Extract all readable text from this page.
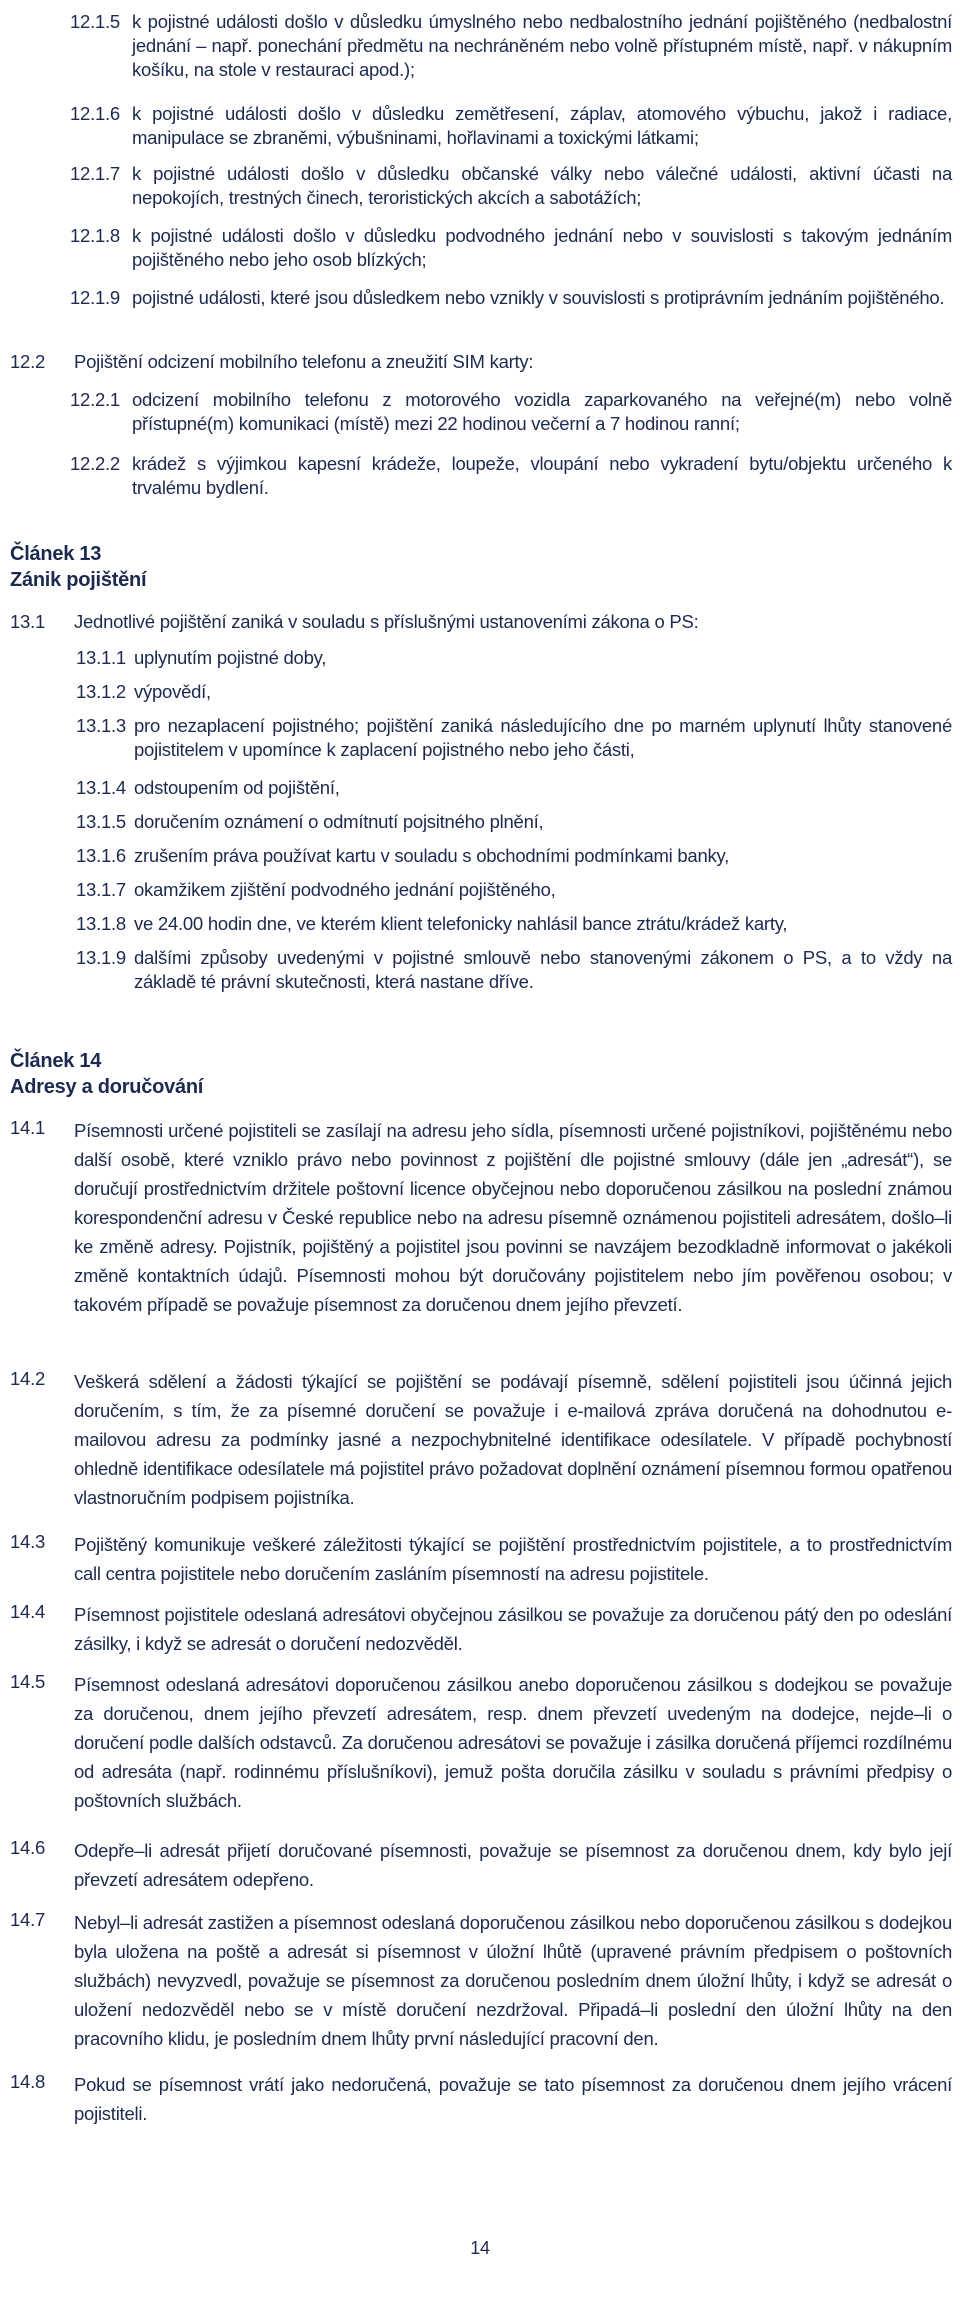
12.1.5 k pojistné události došlo v důsledku úmyslného nebo nedbalostního jednání pojištěného (nedbalostní jednání – např. ponechání předmětu na nechráněném nebo volně přístupném místě, např. v nákupním košíku, na stole v restauraci apod.);
12.1.6 k pojistné události došlo v důsledku zemětřesení, záplav, atomového výbuchu, jakož i radiace, manipulace se zbraněmi, výbušninami, hořlavinami a toxickými látkami;
12.1.7 k pojistné události došlo v důsledku občanské války nebo válečné události, aktivní účasti na nepokojích, trestných činech, teroristických akcích a sabotážích;
12.1.8 k pojistné události došlo v důsledku podvodného jednání nebo v souvislosti s takovým jednáním pojištěného nebo jeho osob blízkých;
12.1.9 pojistné události, které jsou důsledkem nebo vznikly v souvislosti s protiprávním jednáním pojištěného.
12.2	Pojištění odcizení mobilního telefonu a zneužití SIM karty:
12.2.1 odcizení mobilního telefonu z motorového vozidla zaparkovaného na veřejné(m) nebo volně přístupné(m) komunikaci (místě) mezi 22 hodinou večerní a 7 hodinou ranní;
12.2.2 krádež s výjimkou kapesní krádeže, loupeže, vloupání nebo vykradení bytu/objektu určeného k trvalému bydlení.
Článek 13
Zánik pojištění
13.1	Jednotlivé pojištění zaniká v souladu s příslušnými ustanoveními zákona o PS:
13.1.1 uplynutím pojistné doby,
13.1.2 výpovědí,
13.1.3 pro nezaplacení pojistného; pojištění zaniká následujícího dne po marném uplynutí lhůty stanovené pojistitelem v upomínce k zaplacení pojistného nebo jeho části,
13.1.4 odstoupením od pojištění,
13.1.5 doručením oznámení o odmítnutí pojsitného plnění,
13.1.6 zrušením práva používat kartu v souladu s obchodními podmínkami banky,
13.1.7 okamžikem zjištění podvodného jednání pojištěného,
13.1.8 ve 24.00 hodin dne, ve kterém klient telefonicky nahlásil bance ztrátu/krádež karty,
13.1.9 dalšími způsoby uvedenými v pojistné smlouvě nebo stanovenými zákonem o PS, a to vždy na základě té právní skutečnosti, která nastane dříve.
Článek 14
Adresy a doručování
14.1	Písemnosti určené pojistiteli se zasílají na adresu jeho sídla, písemnosti určené pojistníkovi, pojištěnému nebo další osobě, které vzniklo právo nebo povinnost z pojištění dle pojistné smlouvy (dále jen „adresát“), se doručují prostřednictvím držitele poštovní licence obyčejnou nebo doporučenou zásilkou na poslední známou korespondenční adresu v České republice nebo na adresu písemně oznámenou pojistiteli adresátem, došlo–li ke změně adresy. Pojistník, pojištěný a pojistitel jsou povinni se navzájem bezodkladně informovat o jakékoli změně kontaktních údajů. Písemnosti mohou být doručovány pojistitelem nebo jím pověřenou osobou; v takovém případě se považuje písemnost za doručenou dnem jejího převzetí.
14.2	Veškerá sdělení a žádosti týkající se pojištění se podávají písemně, sdělení pojistiteli jsou účinná jejich doručením, s tím, že za písemné doručení se považuje i e-mailová zpráva doručená na dohodnutou e-mailovou adresu za podmínky jasné a nezpochybnitelné identifikace odesílatele. V případě pochybností ohledně identifikace odesílatele má pojistitel právo požadovat doplnění oznámení písemnou formou opatřenou vlastnoručním podpisem pojistníka.
14.3	Pojištěný komunikuje veškeré záležitosti týkající se pojištění prostřednictvím pojistitele, a to prostřednictvím call centra pojistitele nebo doručením zasláním písemností na adresu pojistitele.
14.4	Písemnost pojistitele odeslaná adresátovi obyčejnou zásilkou se považuje za doručenou pátý den po odeslání zásilky, i když se adresát o doručení nedozvěděl.
14.5	Písemnost odeslaná adresátovi doporučenou zásilkou anebo doporučenou zásilkou s dodejkou se považuje za doručenou, dnem jejího převzetí adresátem, resp. dnem převzetí uvedeným na dodejce, nejde–li o doručení podle dalších odstavců. Za doručenou adresátovi se považuje i zásilka doručená příjemci rozdílnému od adresáta (např. rodinnému příslušníkovi), jemuž pošta doručila zásilku v souladu s právními předpisy o poštovních službách.
14.6	Odepře–li adresát přijetí doručované písemnosti, považuje se písemnost za doručenou dnem, kdy bylo její převzetí adresátem odepřeno.
14.7	Nebyl–li adresát zastižen a písemnost odeslaná doporučenou zásilkou nebo doporučenou zásilkou s dodejkou byla uložena na poště a adresát si písemnost v úložní lhůtě (upravené právním předpisem o poštovních službách) nevyzvedl, považuje se písemnost za doručenou posledním dnem úložní lhůty, i když se adresát o uložení nedozvěděl nebo se v místě doručení nezdržoval. Připadá–li poslední den úložní lhůty na den pracovního klidu, je posledním dnem lhůty první následující pracovní den.
14.8	Pokud se písemnost vrátí jako nedoručená, považuje se tato písemnost za doručenou dnem jejího vrácení pojistiteli.
14
